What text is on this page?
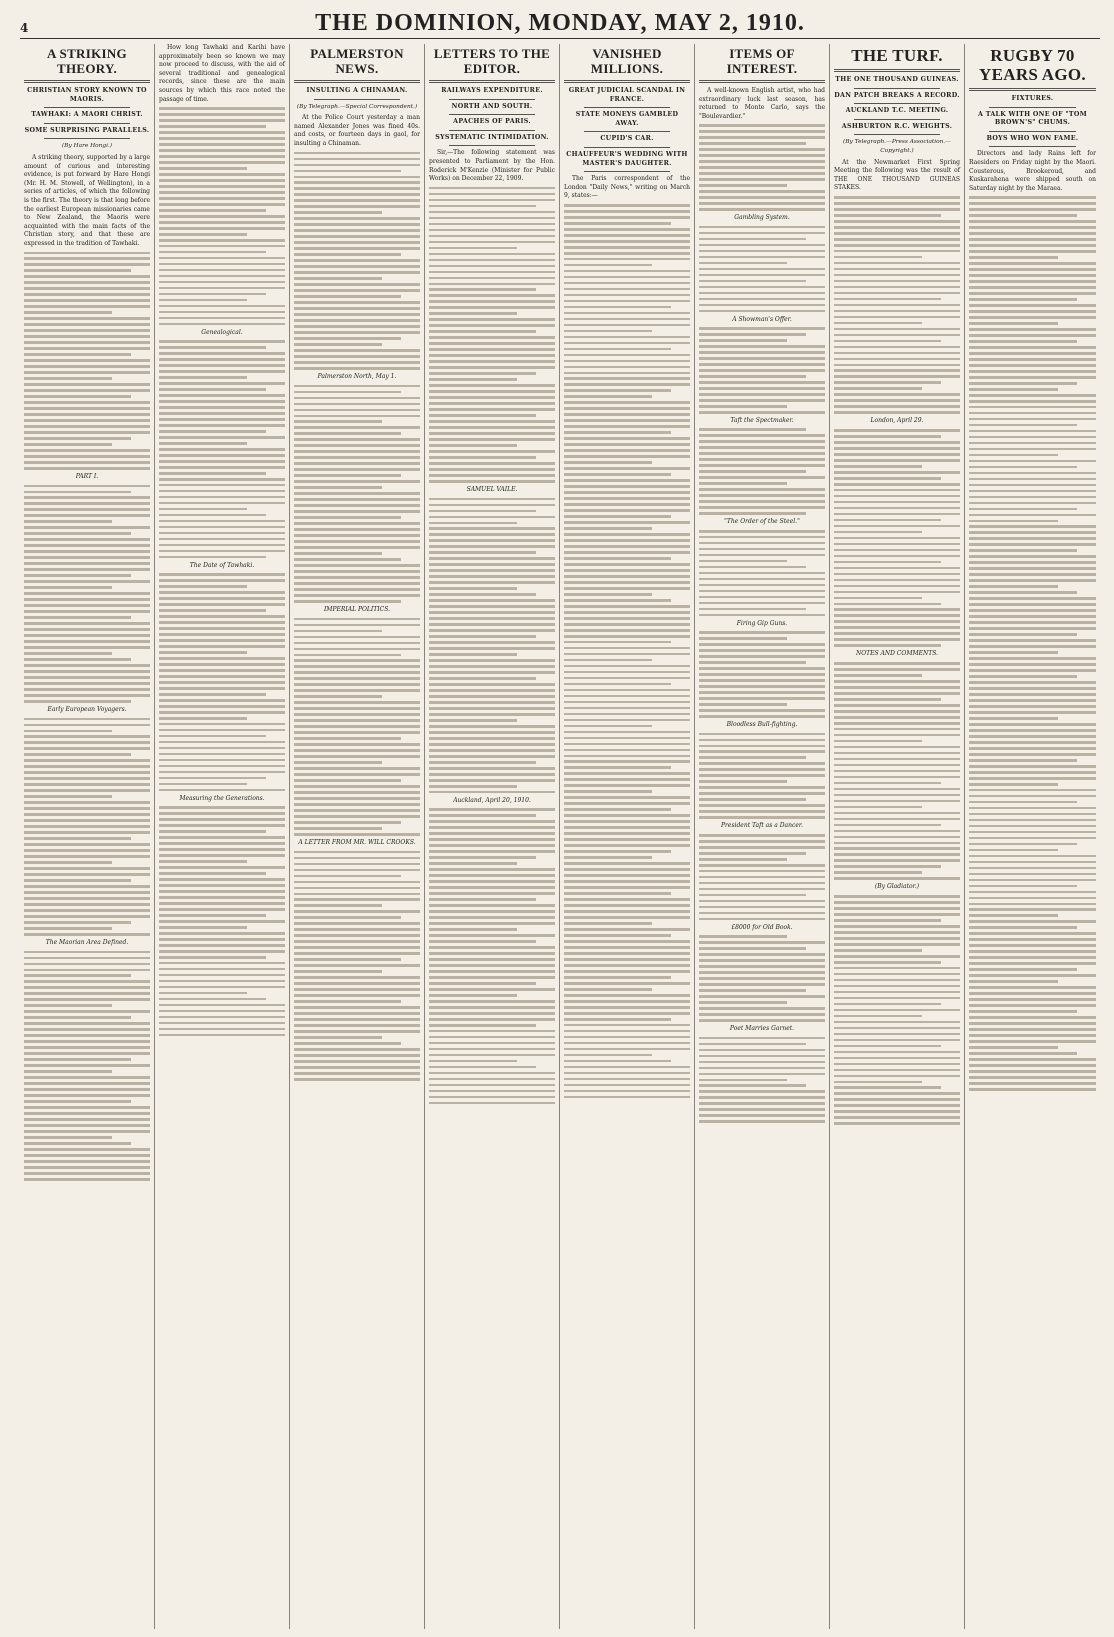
4	THE DOMINION, MONDAY, MAY 2, 1910.
A STRIKING THEORY.
CHRISTIAN STORY KNOWN TO MAORIS.
TAWHAKI: A MAORI CHRIST.
SOME SURPRISING PARALLELS.
(By Hare Hongi.)

A striking theory, supported by a large amount of curious and interesting evidence, is put forward by Hare Hongi (Mr. H. M. Stowell, of Wellington), in a series of articles, of which the following is the first. The theory is that long before the earliest European missionaries came to New Zealand, the Maoris were acquainted with the main facts of the Christian story, and that these are expressed in the tradition of Tawhaki.

PART I.
Early European Voyagers.
The Maorian Area Defined.

How long Tawhaki and Karihi have approximately been so known we may now proceed to discuss, with the aid of several traditional and genealogical records, since these are the main sources by which this race noted the passage of time.

Genealogical.
The Date of Tawhaki.
Measuring the Generations.
PALMERSTON NEWS.
INSULTING A CHINAMAN.
(By Telegraph.—Special Correspondent.)

At the Police Court yesterday a man named Alexander Jones was fined 40s. and costs, or fourteen days in gaol, for insulting a Chinaman.

Palmerston North, May 1.
IMPERIAL POLITICS.
A LETTER FROM MR. WILL CROOKS.
LETTERS TO THE EDITOR.
RAILWAYS EXPENDITURE.
NORTH AND SOUTH.
APACHES OF PARIS.
SYSTEMATIC INTIMIDATION.

Sir,—The following statement was presented to Parliament by the Hon. Roderick M'Kenzie (Minister for Public Works) on December 22, 1909.

SAMUEL VAILE.
Auckland, April 20, 1910.
VANISHED MILLIONS.
GREAT JUDICIAL SCANDAL IN FRANCE.
STATE MONEYS GAMBLED AWAY.
CUPID'S CAR.
CHAUFFEUR'S WEDDING WITH MASTER'S DAUGHTER.

The Paris correspondent of the London "Daily News," writing on March 9, states:—

ITEMS OF INTEREST.

A well-known English artist, who had extraordinary luck last season, has returned to Monte Carlo, says the "Boulevardier."

Gambling System.
A Showman's Offer.
Taft the Spectmaker.
"The Order of the Steel."
Firing Gip Guns.
Bloodless Bull-fighting.
President Taft as a Dancer.
£8000 for Old Book.
Poet Marries Garnet.
THE TURF.
THE ONE THOUSAND GUINEAS.
DAN PATCH BREAKS A RECORD.
AUCKLAND T.C. MEETING.
ASHBURTON R.C. WEIGHTS.
(By Telegraph.—Press Association.—Copyright.)

At the Newmarket First Spring Meeting the following was the result of THE ONE THOUSAND GUINEAS STAKES.

London, April 29.
NOTES AND COMMENTS.
(By Gladiator.)
RUGBY 70 YEARS AGO.
FIXTURES.
A TALK WITH ONE OF "TOM BROWN'S" CHUMS.
BOYS WHO WON FAME.

Directors and lady Rains left for Raesiders on Friday night by the Maori. Cousterous, Brookeroud, and Kuskarahena were shipped south on Saturday night by the Maraea.
